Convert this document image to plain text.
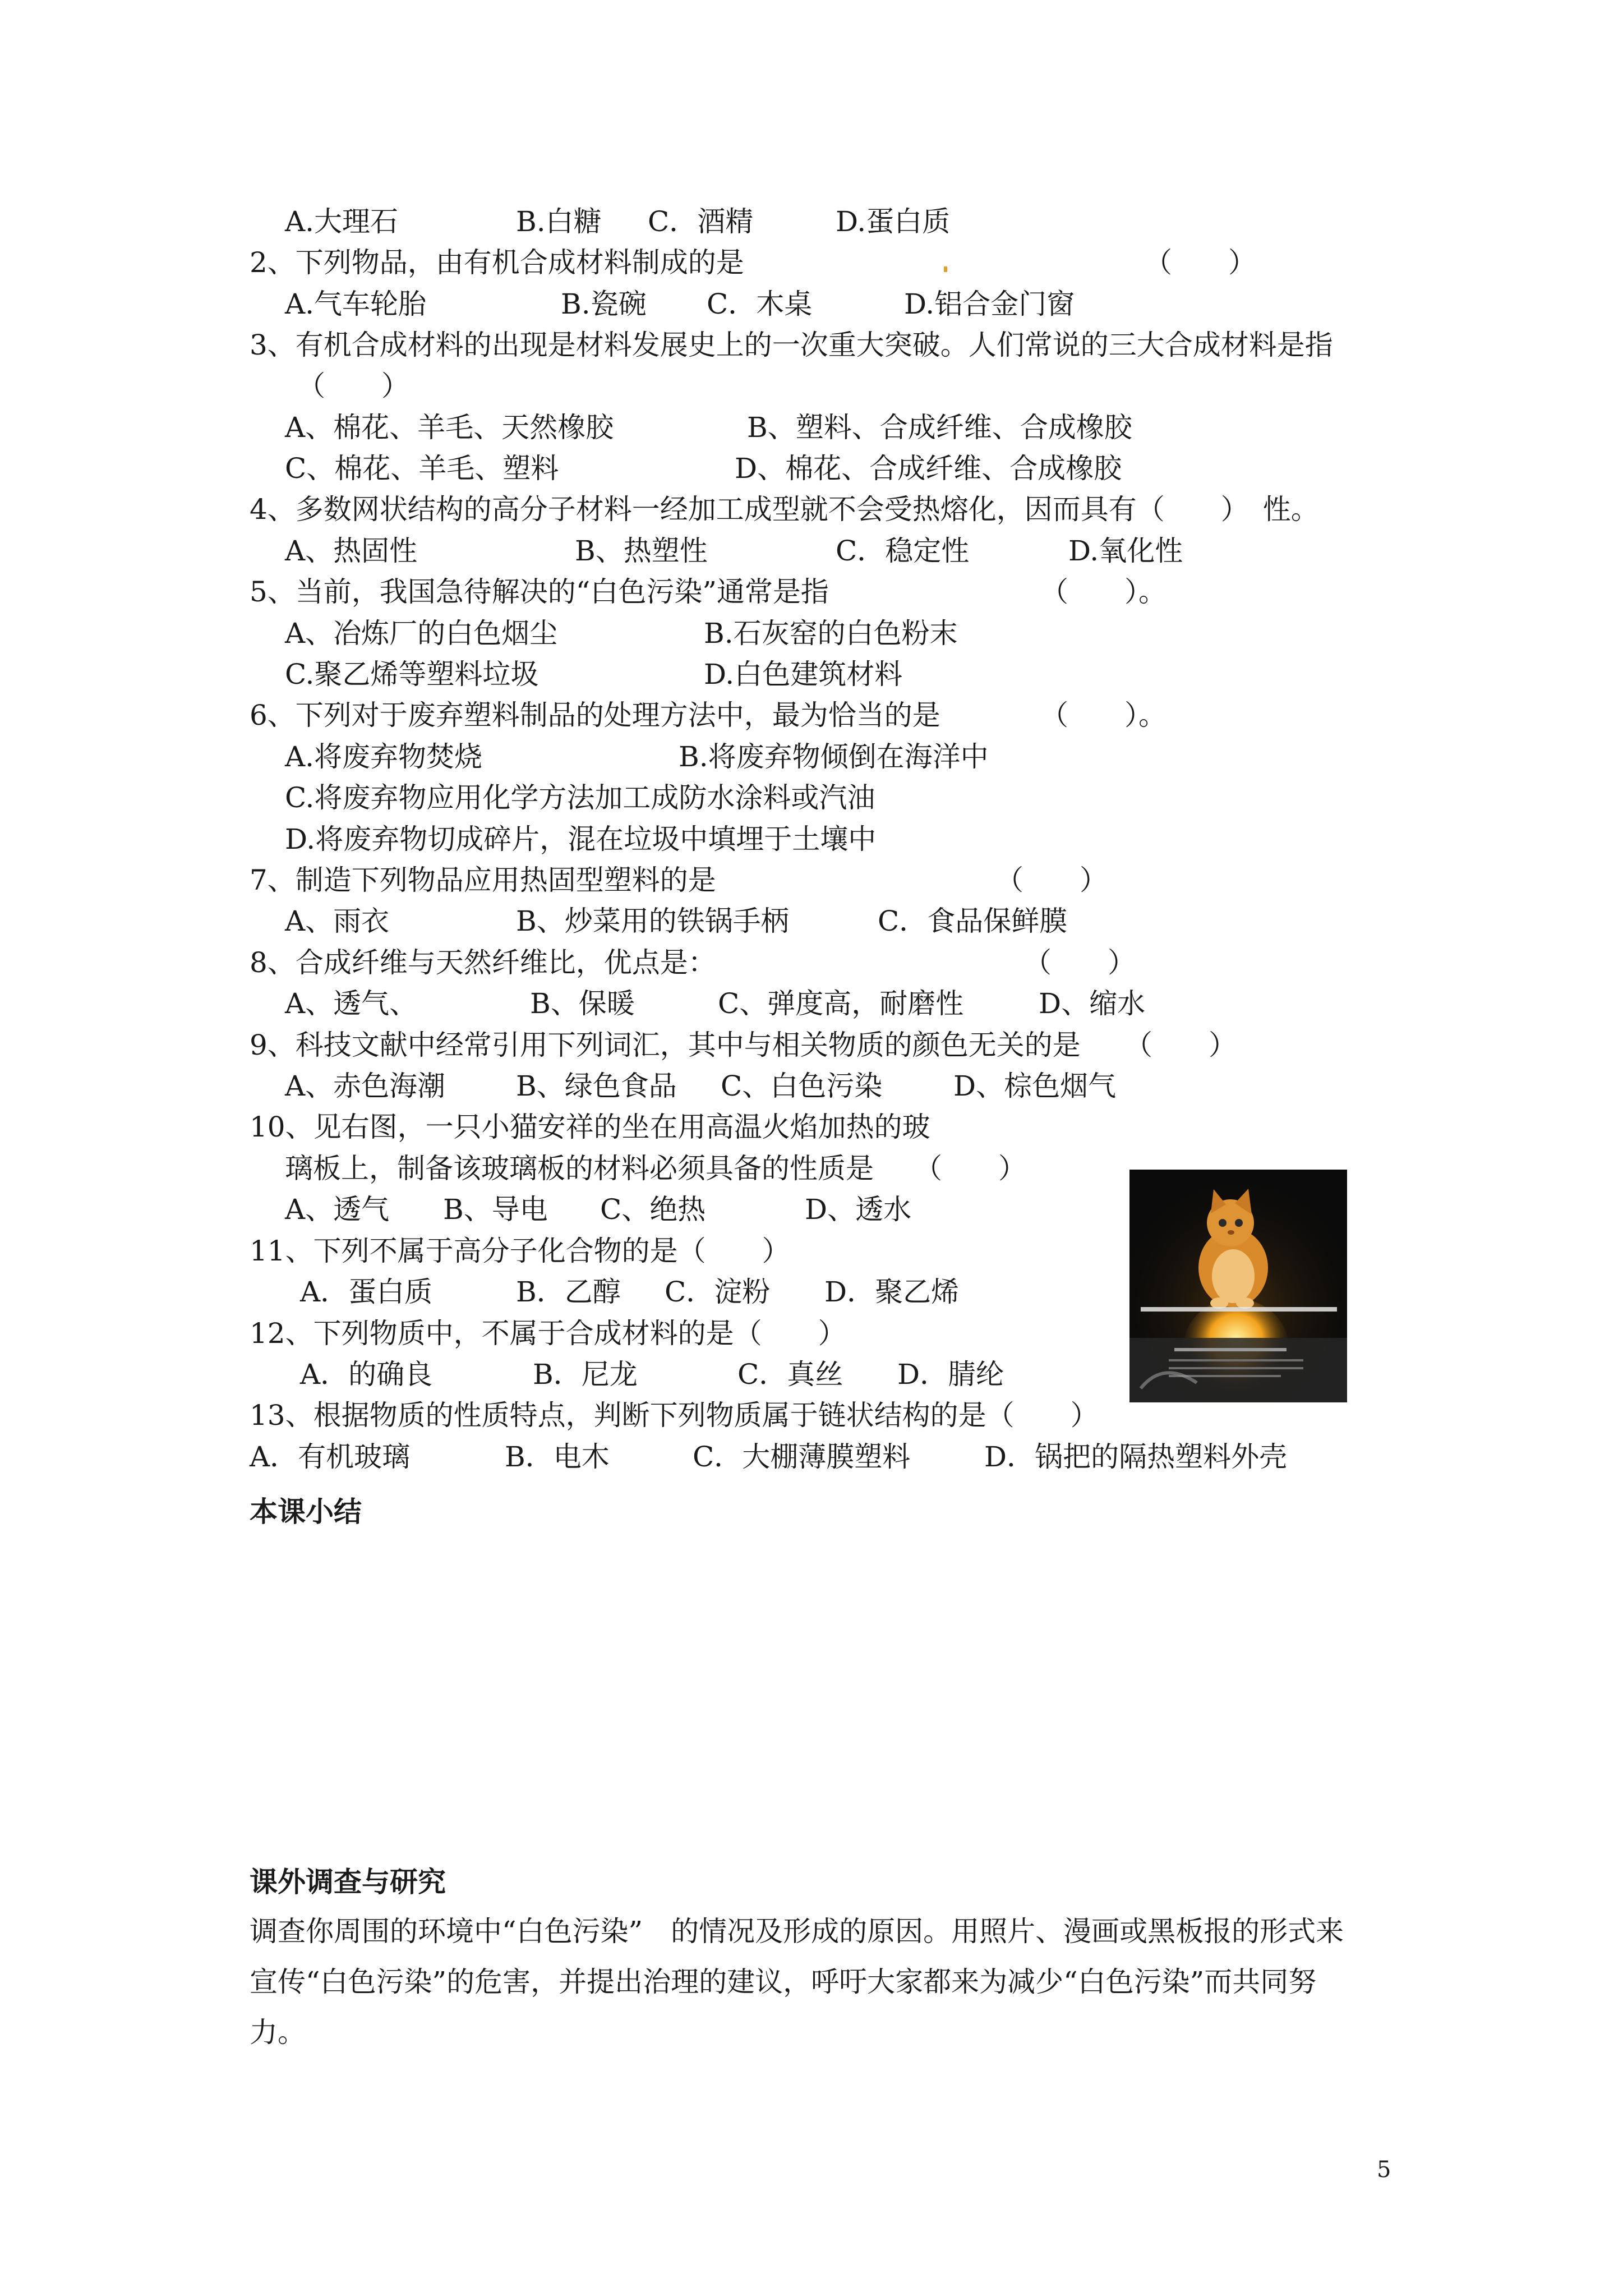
A.大理石	B.白糖 C．酒精	D.蛋白质
2、下列物品，由有机合成材料制成的是	（　　）
A.气车轮胎	B.瓷碗 C．木桌	D.铝合金门窗
3、有机合成材料的出现是材料发展史上的一次重大突破。人们常说的三大合成材料是指
（　　）
A、棉花、羊毛、天然橡胶	B、塑料、合成纤维、合成橡胶
C、棉花、羊毛、塑料	D、棉花、合成纤维、合成橡胶
4、多数网状结构的高分子材料一经加工成型就不会受热熔化，因而具有（　　）　性。
A、热固性	B、热塑性	C．稳定性	D.氧化性
5、当前，我国急待解决的“白色污染”通常是指	（　　）。
A、冶炼厂的白色烟尘	B.石灰窑的白色粉末
C.聚乙烯等塑料垃圾	D.白色建筑材料
6、下列对于废弃塑料制品的处理方法中，最为恰当的是	（　　）。
A.将废弃物焚烧	B.将废弃物倾倒在海洋中
C.将废弃物应用化学方法加工成防水涂料或汽油
D.将废弃物切成碎片，混在垃圾中填埋于土壤中
7、制造下列物品应用热固型塑料的是	（　　）
A、雨衣	B、炒菜用的铁锅手柄	C．食品保鲜膜
8、合成纤维与天然纤维比，优点是：	（　　）
A、透气、	B、保暖	C、弹度高，耐磨性	D、缩水
9、科技文献中经常引用下列词汇，其中与相关物质的颜色无关的是 （　　）
A、赤色海潮	B、绿色食品 C、白色污染	D、棕色烟气
10、见右图，一只小猫安祥的坐在用高温火焰加热的玻
璃板上，制备该玻璃板的材料必须具备的性质是 （　　）
A、透气 B、导电 C、绝热	D、透水
11、下列不属于高分子化合物的是（　　）
A．蛋白质	B．乙醇 C．淀粉 D．聚乙烯
12、下列物质中，不属于合成材料的是（　　）
A．的确良	B．尼龙	C．真丝 D．腈纶
13、根据物质的性质特点，判断下列物质属于链状结构的是（　　）
A．有机玻璃	B．电木	C．大棚薄膜塑料	D．锅把的隔热塑料外壳
本课小结
课外调查与研究
调查你周围的环境中“白色污染”　的情况及形成的原因。用照片、漫画或黑板报的形式来
宣传“白色污染”的危害，并提出治理的建议，呼吁大家都来为减少“白色污染”而共同努
力。
5
